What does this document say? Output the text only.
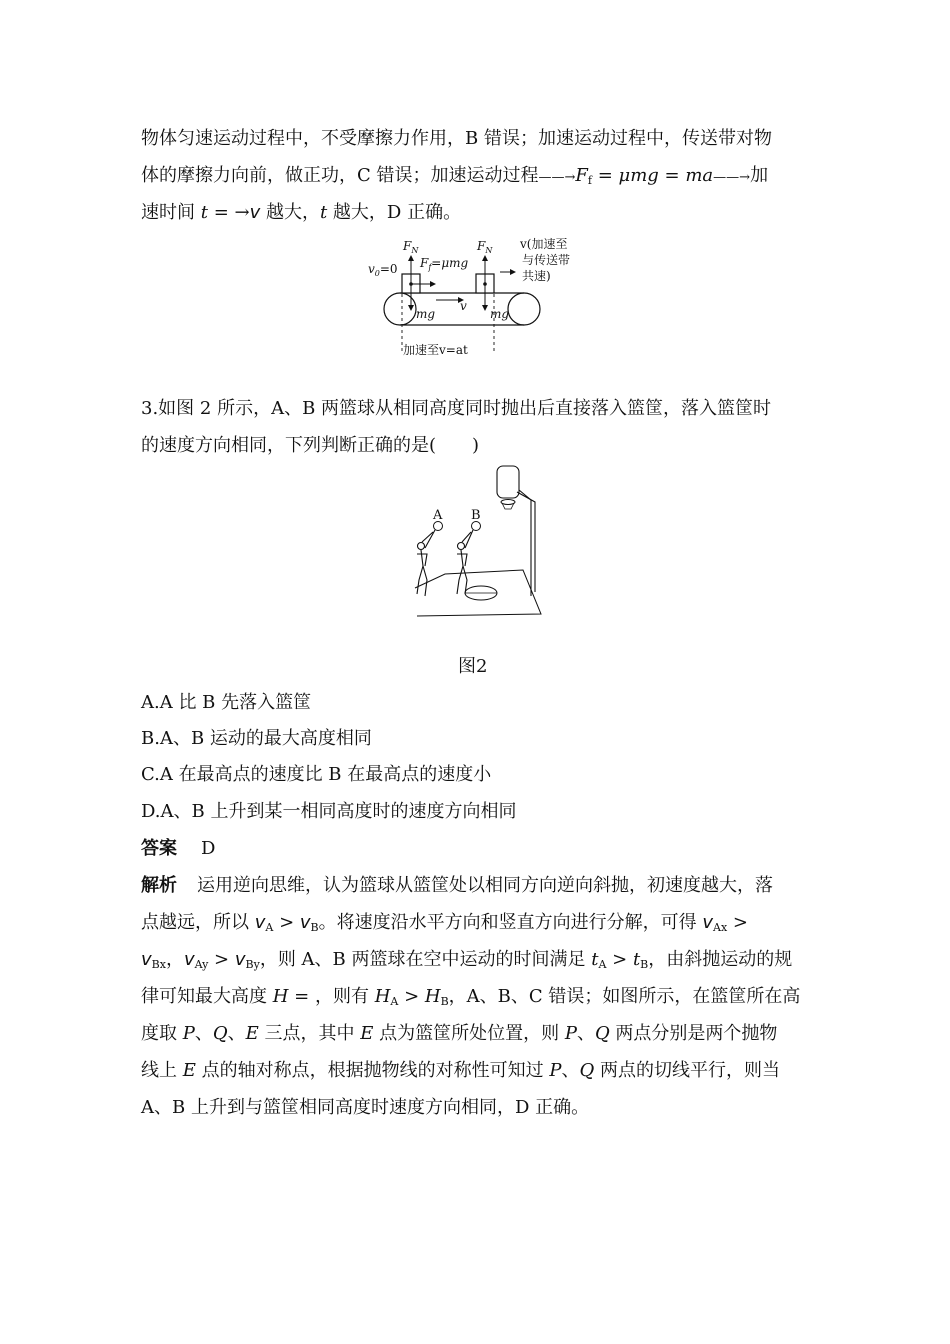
物体匀速运动过程中，不受摩擦力作用，B 错误；加速运动过程中，传送带对物
体的摩擦力向前，做正功，C 错误；加速运动过程$——\to F_f = \mu mg$ = ma——→加
速时间 t = →v 越大，t 越大，D 正确。
$F_N$	$F_N$
$v_0=0$ $F_f=\mu mg$
v
mg	mg
v(加速至
与传送带
共速)
加速至v=at
3.如图 2 所示，A、B 两篮球从相同高度同时抛出后直接落入篮筐，落入篮筐时
的速度方向相同，下列判断正确的是(　　)
A B
图2
A.A 比 B 先落入篮筐
B.A、B 运动的最大高度相同
C.A 在最高点的速度比 B 在最高点的速度小
D.A、B 上升到某一相同高度时的速度方向相同
答案 D
解析 运用逆向思维，认为篮球从篮筐处以相同方向逆向斜抛，初速度越大，落
点越远，所以 $v_A > v_B$。将速度沿水平方向和竖直方向进行分解，可得 $v_{Ax}$ >
$v_{Bx}$，$v_{Ay} > v_{By}$，则 A、B 两篮球在空中运动的时间满足 $t_A > t_B$，由斜抛运动的规
律可知最大高度 H = ，则有 $H_A > H_B$，A、B、C 错误；如图所示，在篮筐所在高
度取 P、Q、E 三点，其中 E 点为篮筐所处位置，则 P、Q 两点分别是两个抛物
线上 E 点的轴对称点，根据抛物线的对称性可知过 P、Q 两点的切线平行，则当
A、B 上升到与篮筐相同高度时速度方向相同，D 正确。
